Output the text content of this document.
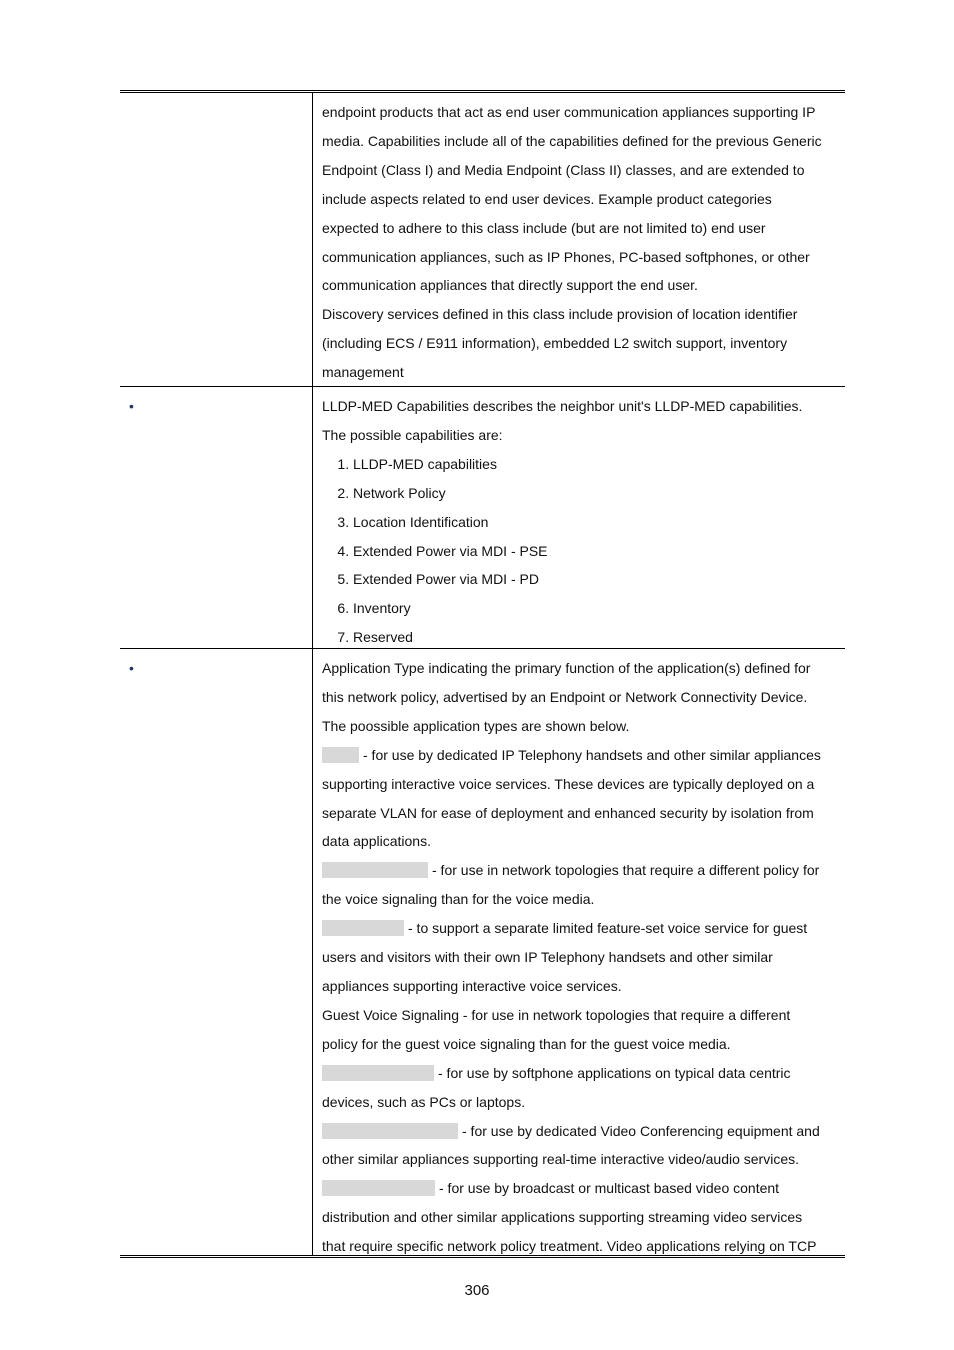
endpoint products that act as end user communication appliances supporting IP

media. Capabilities include all of the capabilities defined for the previous Generic

Endpoint (Class I) and Media Endpoint (Class II) classes, and are extended to

include aspects related to end user devices. Example product categories

expected to adhere to this class include (but are not limited to) end user

communication appliances, such as IP Phones, PC-based softphones, or other

communication appliances that directly support the end user.

Discovery services defined in this class include provision of location identifier

(including ECS / E911 information), embedded L2 switch support, inventory

management

•	LLDP-MED Capabilities describes the neighbor unit's LLDP-MED capabilities.

The possible capabilities are:

1. LLDP-MED capabilities
2. Network Policy
3. Location Identification
4. Extended Power via MDI - PSE
5. Extended Power via MDI - PD
6. Inventory
7. Reserved
•	Application Type indicating the primary function of the application(s) defined for

this network policy, advertised by an Endpoint or Network Connectivity Device.

The poossible application types are shown below.

- for use by dedicated IP Telephony handsets and other similar appliances

supporting interactive voice services. These devices are typically deployed on a

separate VLAN for ease of deployment and enhanced security by isolation from

data applications.

- for use in network topologies that require a different policy for

the voice signaling than for the voice media.

- to support a separate limited feature-set voice service for guest

users and visitors with their own IP Telephony handsets and other similar

appliances supporting interactive voice services.

Guest Voice Signaling - for use in network topologies that require a different

policy for the guest voice signaling than for the guest voice media.

- for use by softphone applications on typical data centric

devices, such as PCs or laptops.

- for use by dedicated Video Conferencing equipment and

other similar appliances supporting real-time interactive video/audio services.

- for use by broadcast or multicast based video content

distribution and other similar applications supporting streaming video services

that require specific network policy treatment. Video applications relying on TCP

306
